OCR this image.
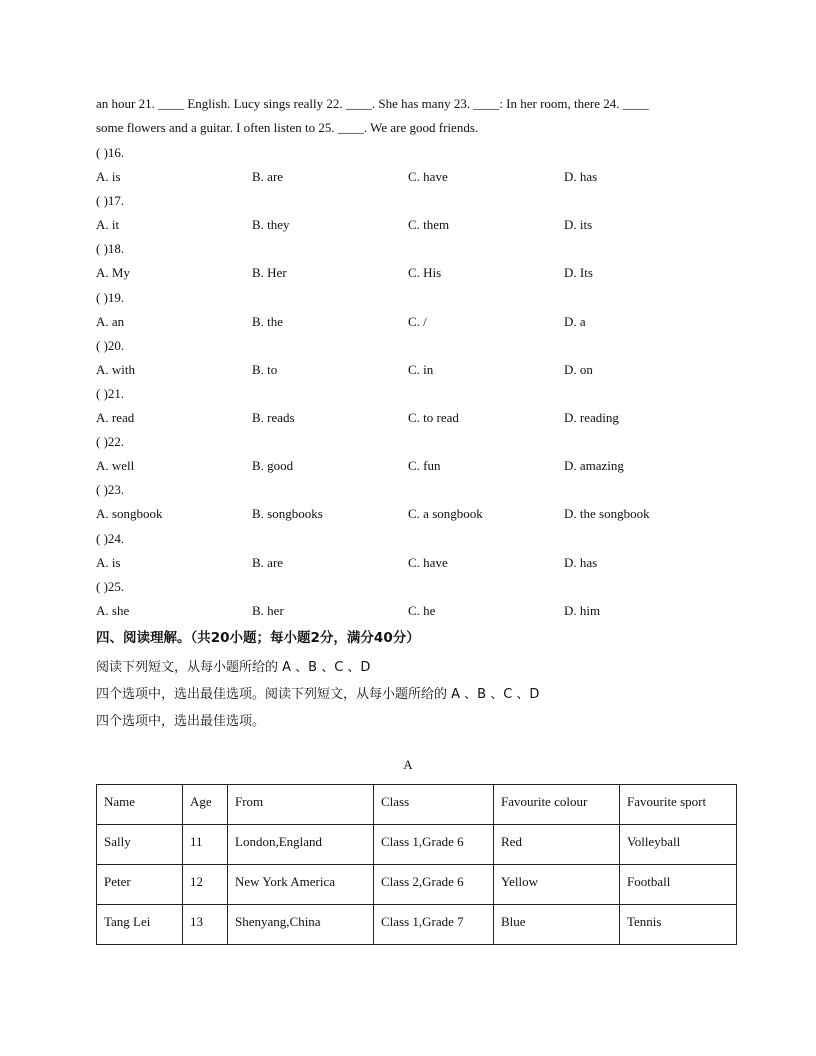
an hour 21. ____ English. Lucy sings really 22. ____. She has many 23. ____: In her room, there 24. ____
some flowers and a guitar. I often listen to 25. ____. We are good friends.
( )16.
A. is	B. are	C. have	D. has
( )17.
A. it	B. they	C. them	D. its
( )18.
A. My	B. Her	C. His	D. Its
( )19.
A. an	B. the	C. /	D. a
( )20.
A. with	B. to	C. in	D. on
( )21.
A. read	B. reads	C. to read	D. reading
( )22.
A. well	B. good	C. fun	D. amazing
( )23.
A. songbook	B. songbooks	C. a songbook	D. the songbook
( )24.
A. is	B. are	C. have	D. has
( )25.
A. she	B. her	C. he	D. him
四、阅读理解。（共20小题；每小题2分，满分40分）
阅读下列短文，从每小题所给的 A 、B 、C 、D
四个选项中，选出最佳选项。阅读下列短文，从每小题所给的 A 、B 、C 、D
四个选项中，选出最佳选项。
A
Name	Age	From	Class	Favourite colour	Favourite sport
Sally	11	London,England	Class 1,Grade 6	Red	Volleyball
Peter	12	New York America	Class 2,Grade 6	Yellow	Football
Tang Lei	13	Shenyang,China	Class 1,Grade 7	Blue	Tennis
